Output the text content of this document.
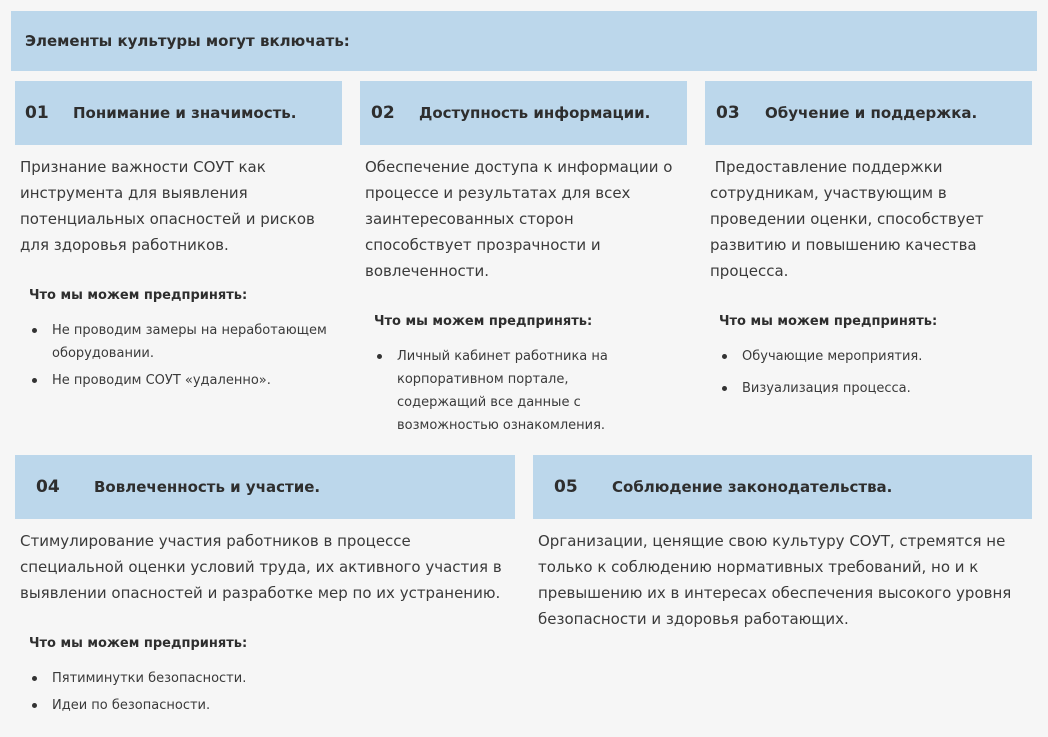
Элементы культуры могут включать:
01	Понимание и значимость.

Признание важности СОУТ как инструмента для выявления потенциальных опасностей и рисков для здоровья работников.

Что мы можем предпринять:
Не проводим замеры на неработающем оборудовании.
Не проводим СОУТ «удаленно».
02	Доступность информации.

Обеспечение доступа к информации о процессе и результатах для всех заинтересованных сторон способствует прозрачности и вовлеченности.

Что мы можем предпринять:
Личный кабинет работника на корпоративном портале, содержащий все данные с возможностью ознакомления.
03	Обучение и поддержка.

Предоставление поддержки сотрудникам, участвующим в проведении оценки, способствует развитию и повышению качества процесса.

Что мы можем предпринять:
Обучающие мероприятия.
Визуализация процесса.
04	Вовлеченность и участие.

Стимулирование участия работников в процессе специальной оценки условий труда, их активного участия в выявлении опасностей и разработке мер по их устранению.

Что мы можем предпринять:
Пятиминутки безопасности.
Идеи по безопасности.
05	Соблюдение законодательства.

Организации, ценящие свою культуру СОУТ, стремятся не только к соблюдению нормативных требований, но и к превышению их в интересах обеспечения высокого уровня безопасности и здоровья работающих.
